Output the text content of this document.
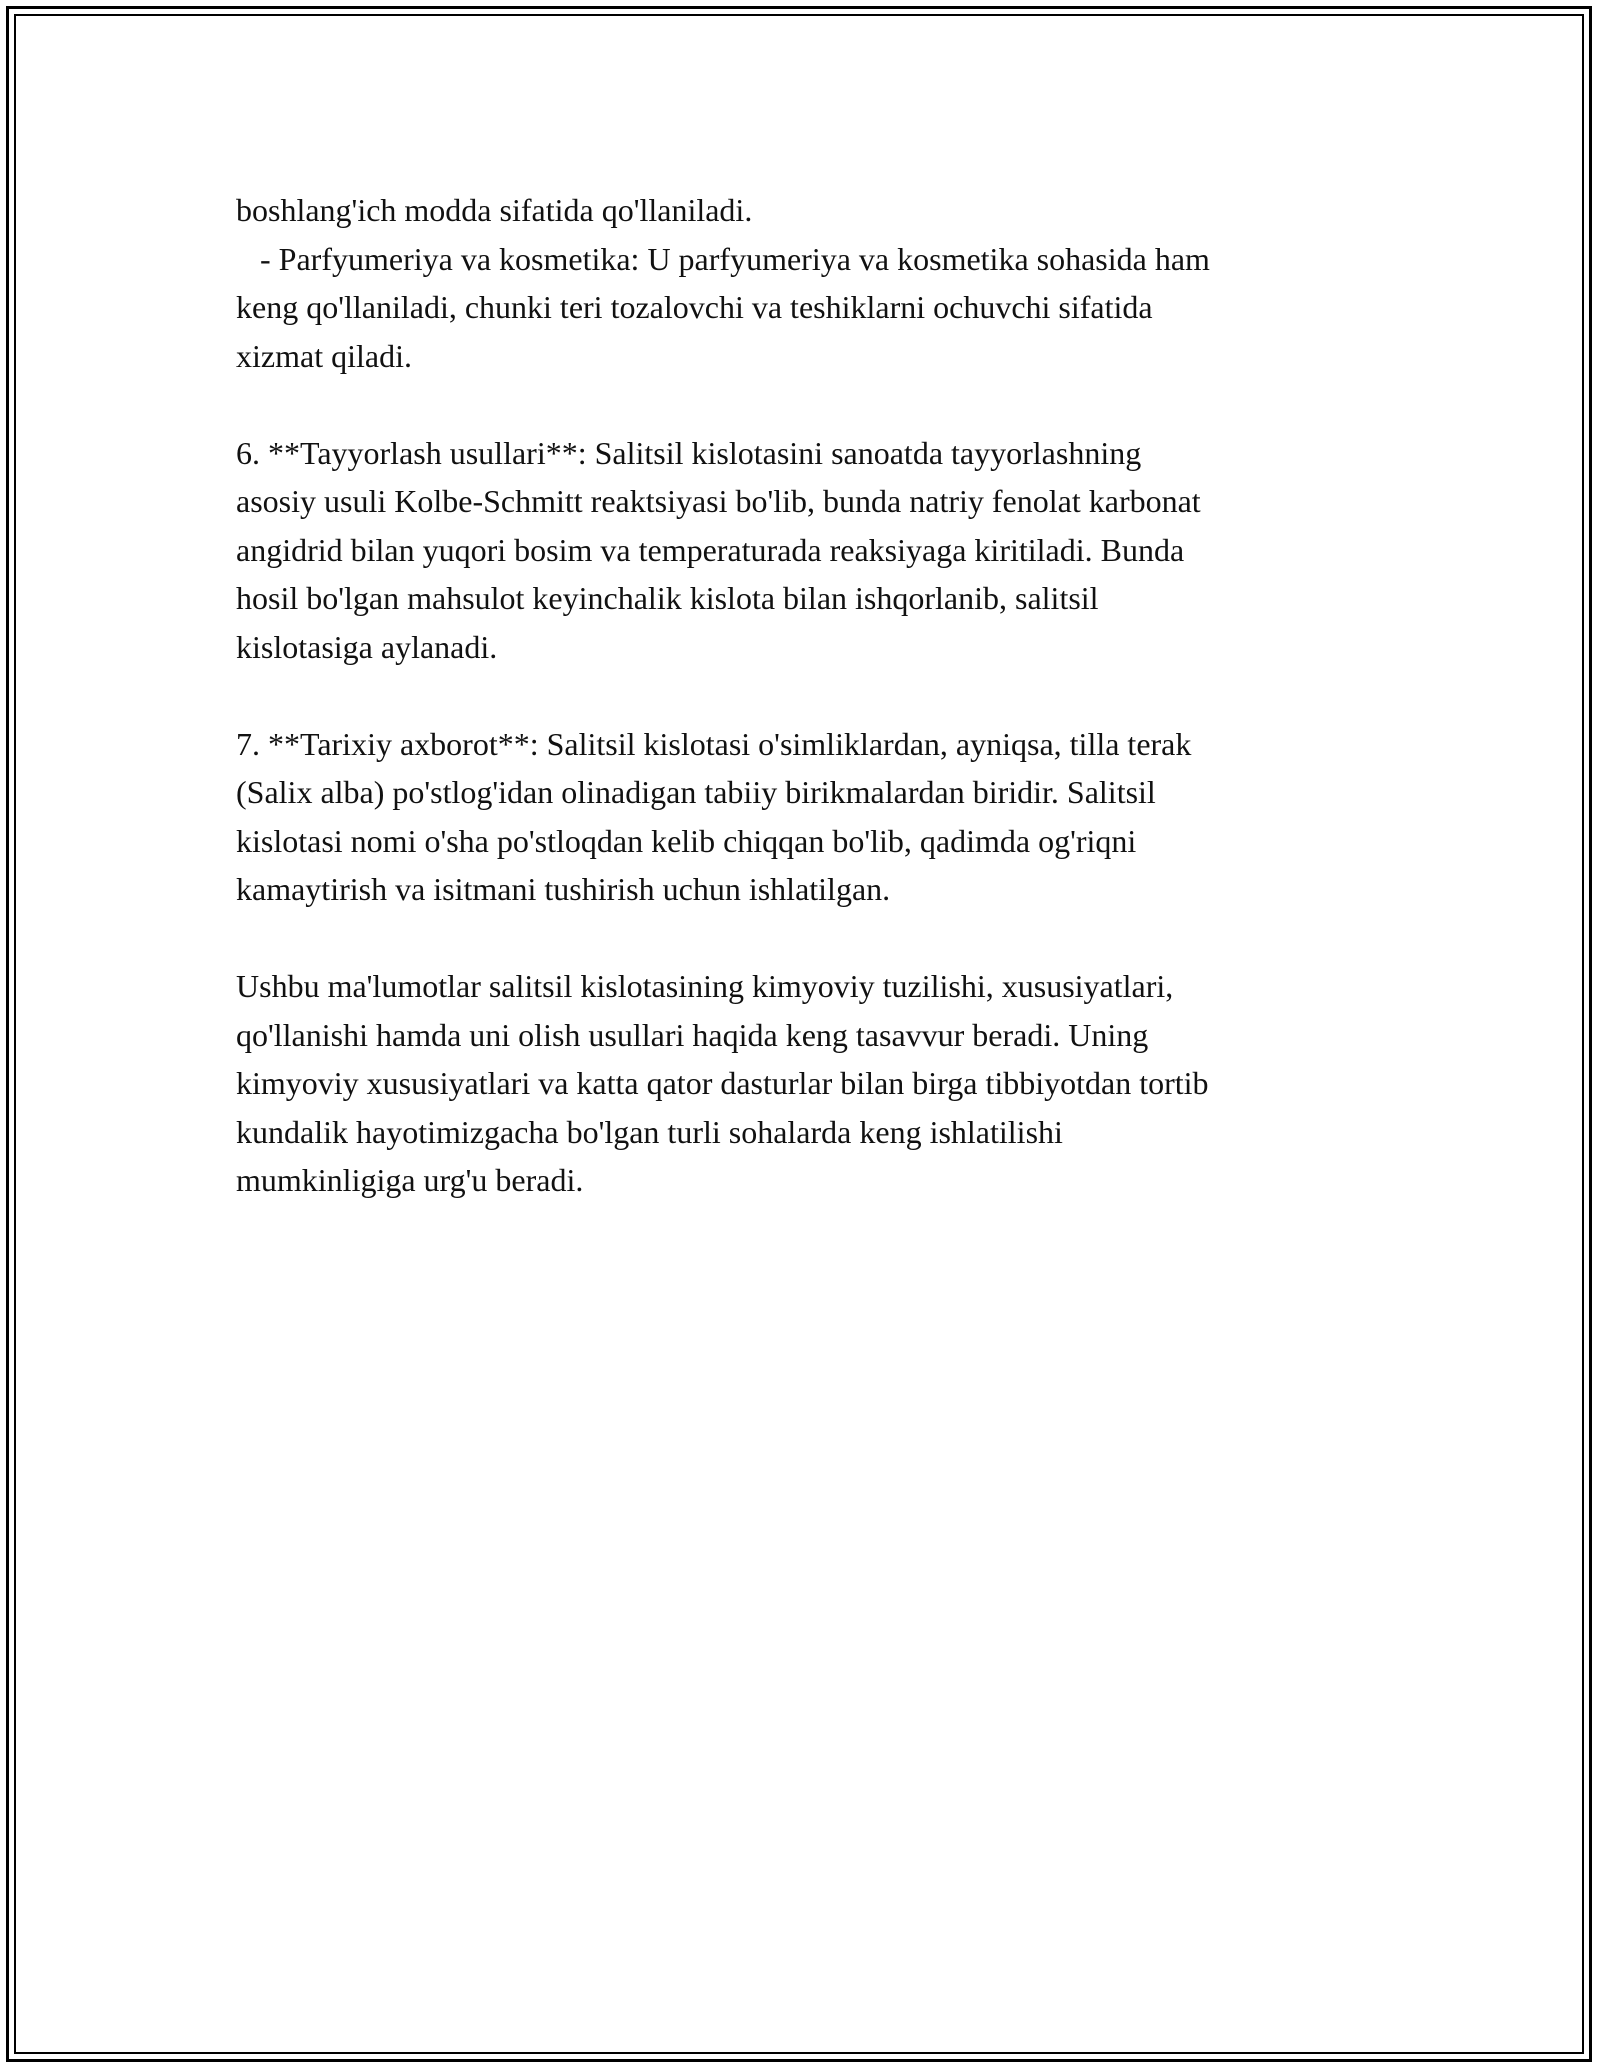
boshlang'ich modda sifatida qo'llaniladi.

- Parfyumeriya va kosmetika: U parfyumeriya va kosmetika sohasida ham

keng qo'llaniladi, chunki teri tozalovchi va teshiklarni ochuvchi sifatida

xizmat qiladi.

6. **Tayyorlash usullari**: Salitsil kislotasini sanoatda tayyorlashning

asosiy usuli Kolbe-Schmitt reaktsiyasi bo'lib, bunda natriy fenolat karbonat

angidrid bilan yuqori bosim va temperaturada reaksiyaga kiritiladi. Bunda

hosil bo'lgan mahsulot keyinchalik kislota bilan ishqorlanib, salitsil

kislotasiga aylanadi.

7. **Tarixiy axborot**: Salitsil kislotasi o'simliklardan, ayniqsa, tilla terak

(Salix alba) po'stlog'idan olinadigan tabiiy birikmalardan biridir. Salitsil

kislotasi nomi o'sha po'stloqdan kelib chiqqan bo'lib, qadimda og'riqni

kamaytirish va isitmani tushirish uchun ishlatilgan.

Ushbu ma'lumotlar salitsil kislotasining kimyoviy tuzilishi, xususiyatlari,

qo'llanishi hamda uni olish usullari haqida keng tasavvur beradi. Uning

kimyoviy xususiyatlari va katta qator dasturlar bilan birga tibbiyotdan tortib

kundalik hayotimizgacha bo'lgan turli sohalarda keng ishlatilishi

mumkinligiga urg'u beradi.
